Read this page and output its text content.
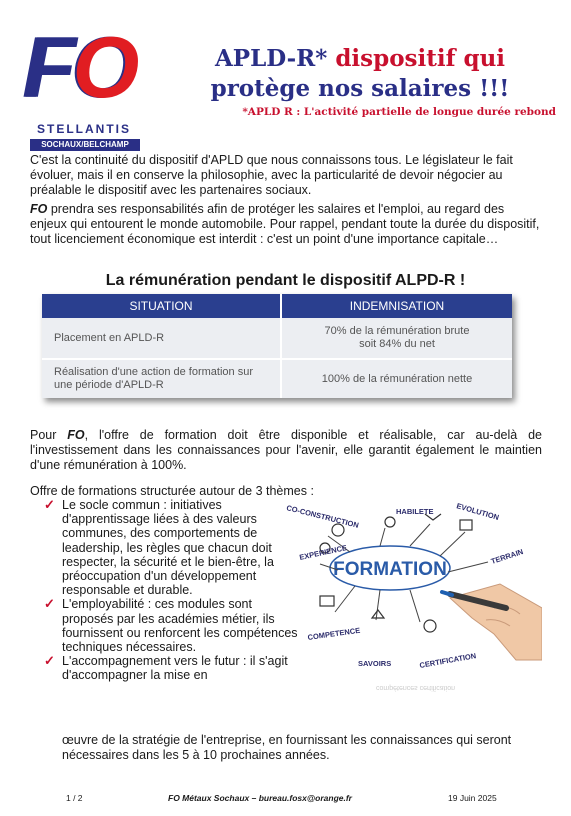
FO
STELLANTIS
SOCHAUX/BELCHAMP
APLD-R* dispositif qui
protège nos salaires !!!
*APLD R : L'activité partielle de longue durée rebond

C'est la continuité du dispositif d'APLD que nous connaissons tous. Le législateur le fait évoluer, mais il en conserve la philosophie, avec la particularité de devoir négocier au préalable le dispositif avec les partenaires sociaux.

FO prendra ses responsabilités afin de protéger les salaires et l'emploi, au regard des enjeux qui entourent le monde automobile. Pour rappel, pendant toute la durée du dispositif, tout licenciement économique est interdit : c'est un point d'une importance capitale…

La rémunération pendant le dispositif ALPD-R !
SITUATION	INDEMNISATION
Placement en APLD-R	70% de la rémunération brute
soit 84% du net
Réalisation d'une action de formation sur une période d'APLD-R	100% de la rémunération nette

Pour FO, l'offre de formation doit être disponible et réalisable, car au-delà de l'investissement dans les connaissances pour l'avenir, elle garantit également le maintien d'une rémunération à 100%.

Offre de formations structurée autour de 3 thèmes :

✓ Le socle commun : initiatives d'apprentissage liées à des valeurs communes, des comportements de leadership, les règles que chacun doit respecter, la sécurité et le bien-être, la préoccupation d'un développement responsable et durable.
✓ L'employabilité : ces modules sont proposés par les académies métier, ils fournissent ou renforcent les compétences techniques nécessaires.
✓ L'accompagnement vers le futur : il s'agit d'accompagner la mise en
œuvre de la stratégie de l'entreprise, en fournissant les connaissances qui seront nécessaires dans les 5 à 10 prochaines années.
FORMATION
CO-CONSTRUCTION	HABILETE	EVOLUTION
EXPERIENCE	TERRAIN
COMPETENCE
SAVOIRS	CERTIFICATION
compétences certification
1 / 2	FO Métaux Sochaux – bureau.fosx@orange.fr	19 Juin 2025
